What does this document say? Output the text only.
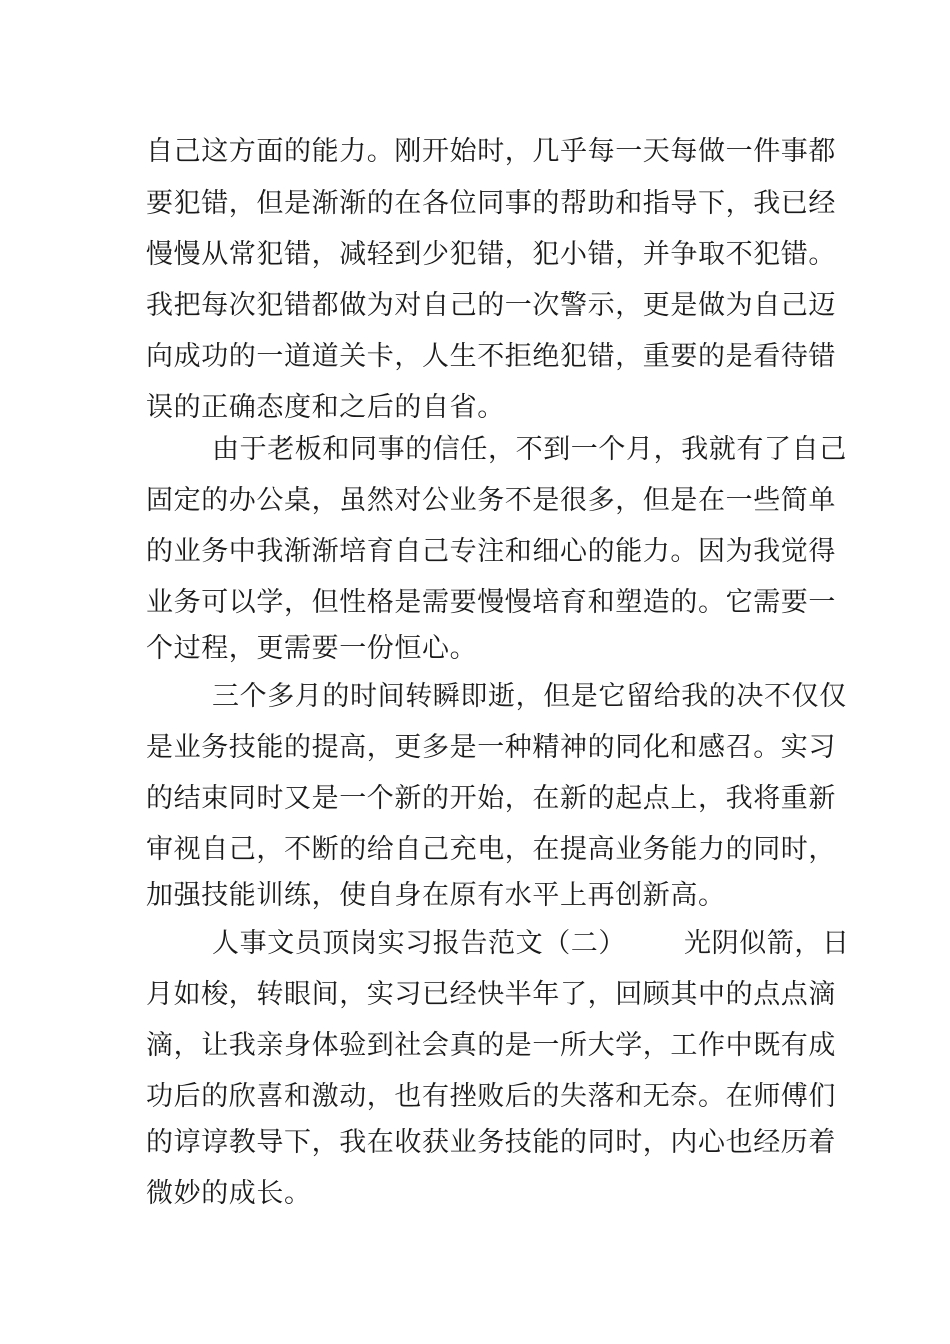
自己这方面的能力。刚开始时，几乎每一天每做一件事都
要犯错，但是渐渐的在各位同事的帮助和指导下，我已经
慢慢从常犯错，减轻到少犯错，犯小错，并争取不犯错。
我把每次犯错都做为对自己的一次警示，更是做为自己迈
向成功的一道道关卡，人生不拒绝犯错，重要的是看待错
误的正确态度和之后的自省。
由于老板和同事的信任，不到一个月，我就有了自己
固定的办公桌，虽然对公业务不是很多，但是在一些简单
的业务中我渐渐培育自己专注和细心的能力。因为我觉得
业务可以学，但性格是需要慢慢培育和塑造的。它需要一
个过程，更需要一份恒心。
三个多月的时间转瞬即逝，但是它留给我的决不仅仅
是业务技能的提高，更多是一种精神的同化和感召。实习
的结束同时又是一个新的开始，在新的起点上，我将重新
审视自己，不断的给自己充电，在提高业务能力的同时，
加强技能训练，使自身在原有水平上再创新高。
人事文员顶岗实习报告范文（二） 光阴似箭，日
月如梭，转眼间，实习已经快半年了，回顾其中的点点滴
滴，让我亲身体验到社会真的是一所大学，工作中既有成
功后的欣喜和激动，也有挫败后的失落和无奈。在师傅们
的谆谆教导下，我在收获业务技能的同时，内心也经历着
微妙的成长。
